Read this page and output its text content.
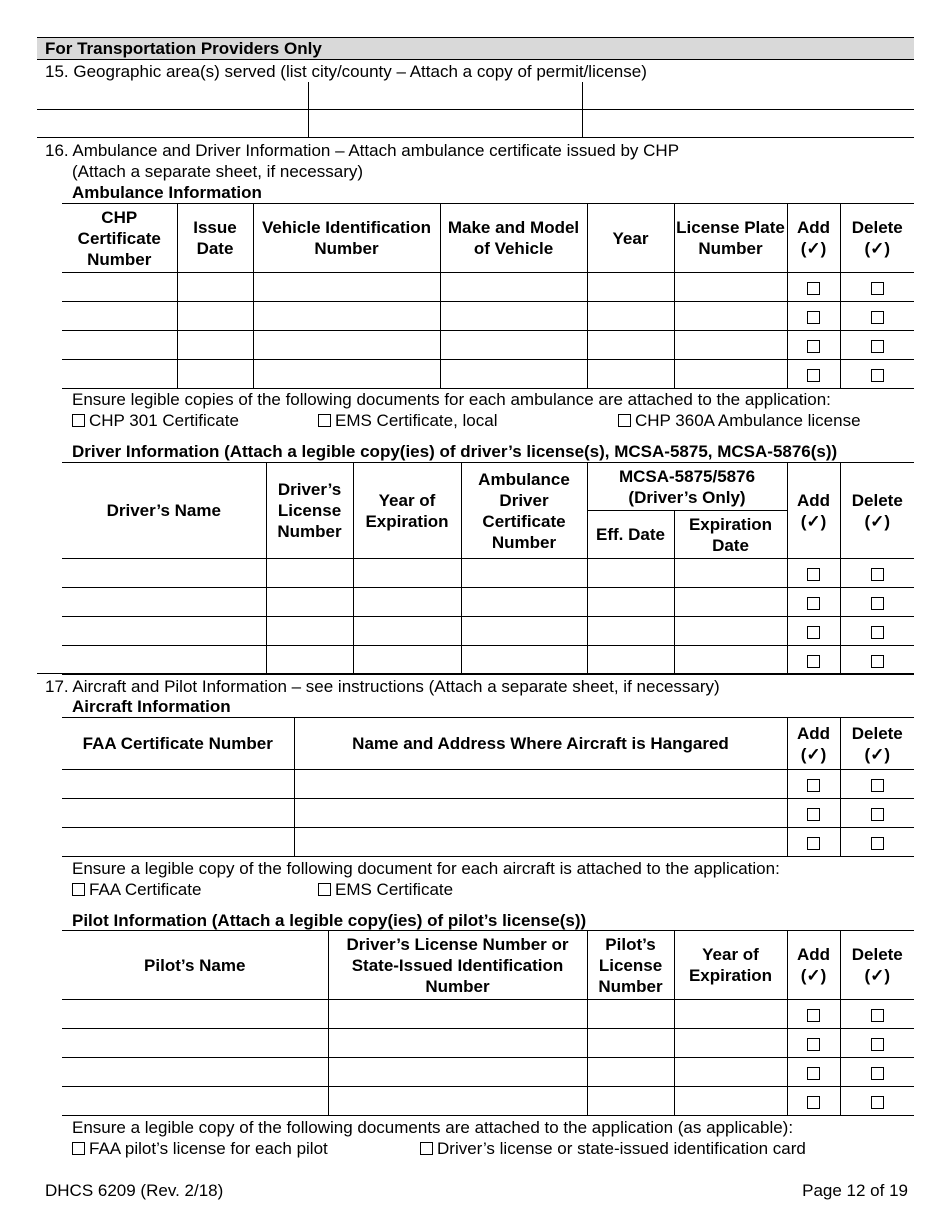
For Transportation Providers Only
15. Geographic area(s) served (list city/county – Attach a copy of permit/license)
16. Ambulance and Driver Information – Attach ambulance certificate issued by CHP
(Attach a separate sheet, if necessary)
Ambulance Information
CHP Certificate Number	Issue Date	Vehicle Identification Number	Make and Model of Vehicle	Year	License Plate Number	Add (✓)	Delete (✓)

Ensure legible copies of the following documents for each ambulance are attached to the application:
CHP 301 Certificate	EMS Certificate, local	CHP 360A Ambulance license
Driver Information (Attach a legible copy(ies) of driver’s license(s), MCSA-5875, MCSA-5876(s))
Driver’s Name	Driver’s License Number	Year of Expiration	Ambulance Driver Certificate Number	MCSA-5875/5876 (Driver’s Only)		Add (✓)	Delete (✓)
				Eff. Date	Expiration Date		

17. Aircraft and Pilot Information – see instructions (Attach a separate sheet, if necessary)
Aircraft Information
FAA Certificate Number	Name and Address Where Aircraft is Hangared	Add (✓)	Delete (✓)

Ensure a legible copy of the following document for each aircraft is attached to the application:
FAA Certificate	EMS Certificate
Pilot Information (Attach a legible copy(ies) of pilot’s license(s))
Pilot’s Name	Driver’s License Number or State-Issued Identification Number	Pilot’s License Number	Year of Expiration	Add (✓)	Delete (✓)

Ensure a legible copy of the following documents are attached to the application (as applicable):
FAA pilot’s license for each pilot	Driver’s license or state-issued identification card
DHCS 6209 (Rev. 2/18)	Page 12 of 19
